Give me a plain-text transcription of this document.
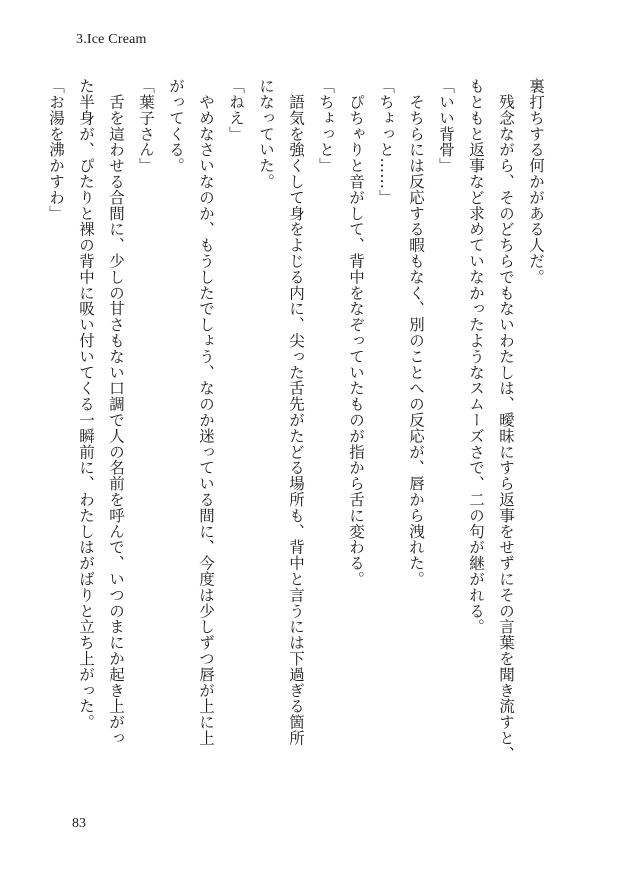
3.Ice Cream
裏打ちする何かがある人だ。
　残念ながら、そのどちらでもないわたしは、曖昧にすら返事をせずにその言葉を聞き流すと、
もともと返事など求めていなかったようなスムーズさで、二の句が継がれる。
「いい背骨」
　そちらには反応する暇もなく、別のことへの反応が、唇から洩れた。
「ちょっと……」
　ぴちゃりと音がして、背中をなぞっていたものが指から舌に変わる。
「ちょっと」
　語気を強くして身をよじる内に、尖った舌先がたどる場所も、背中と言うには下過ぎる箇所
になっていた。
「ねえ」
　やめなさいなのか、もうしたでしょう、なのか迷っている間に、今度は少しずつ唇が上に上
がってくる。
「葉子さん」
　舌を這わせる合間に、少しの甘さもない口調で人の名前を呼んで、いつのまにか起き上がっ
た半身が、ぴたりと裸の背中に吸い付いてくる一瞬前に、わたしはがばりと立ち上がった。
「お湯を沸かすわ」
83
